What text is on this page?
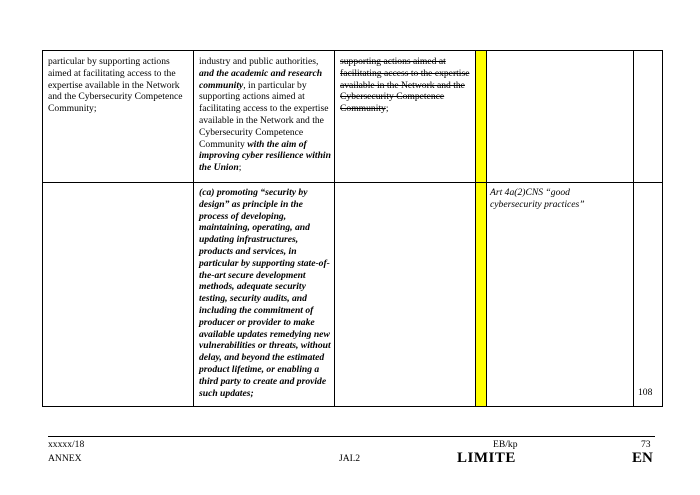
particular by supporting actions aimed at facilitating access to the expertise available in the Network and the Cybersecurity Competence Community;
industry and public authorities, and the academic and research community, in particular by supporting actions aimed at facilitating access to the expertise available in the Network and the Cybersecurity Competence Community with the aim of improving cyber resilience within the Union;
supporting actions aimed at facilitating access to the expertise available in the Network and the Cybersecurity Competence Community;
(ca) promoting “security by design” as principle in the process of developing, maintaining, operating, and updating infrastructures, products and services, in particular by supporting state-of-the-art secure development methods, adequate security testing, security audits, and including the commitment of producer or provider to make available updates remedying new vulnerabilities or threats, without delay, and beyond the estimated product lifetime, or enabling a third party to create and provide such updates;
Art 4a(2)CNS “good cybersecurity practices”
108
xxxxx/18
ANNEX	JAI.2
EB/kp
LIMITE
73
EN
